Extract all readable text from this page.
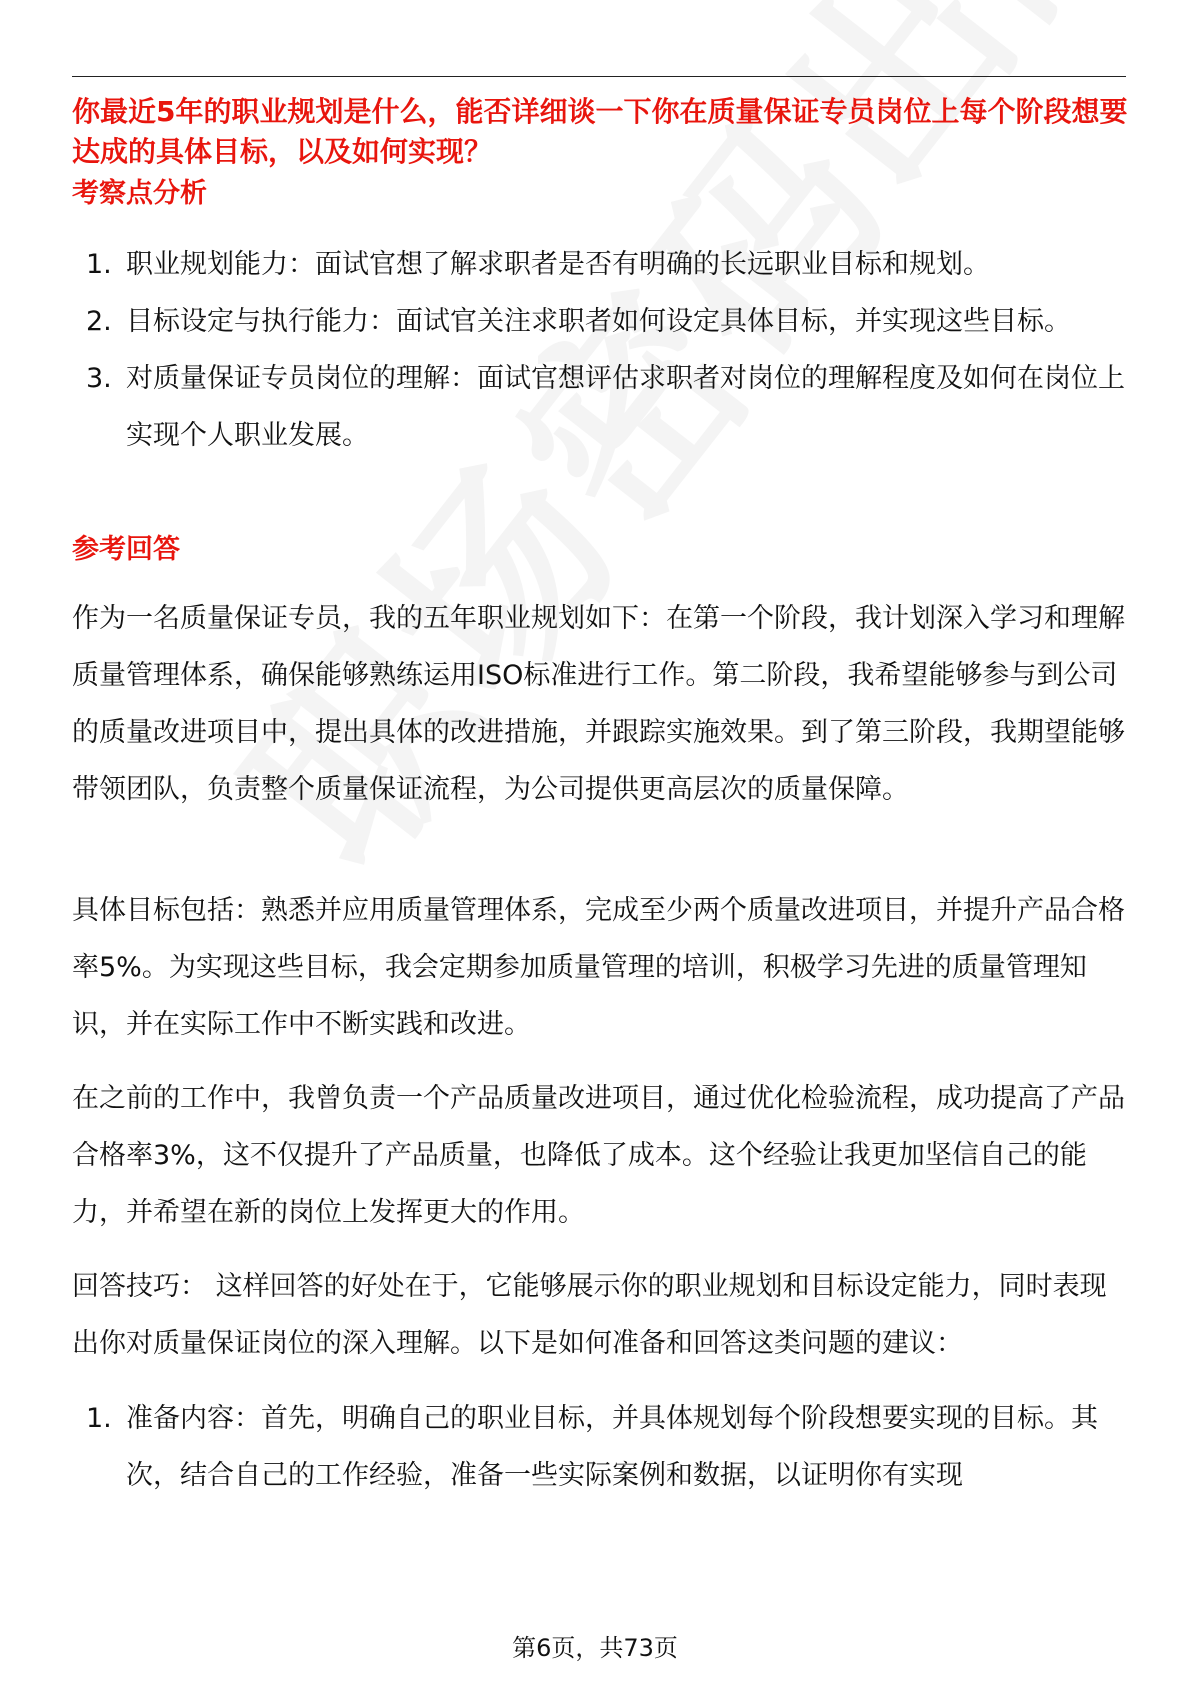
你最近5年的职业规划是什么，能否详细谈一下你在质量保证专员岗位上每个阶段想要达成的具体目标，以及如何实现？
考察点分析
1. 职业规划能力：面试官想了解求职者是否有明确的长远职业目标和规划。
2. 目标设定与执行能力：面试官关注求职者如何设定具体目标，并实现这些目标。
3. 对质量保证专员岗位的理解：面试官想评估求职者对岗位的理解程度及如何在岗位上实现个人职业发展。
参考回答

作为一名质量保证专员，我的五年职业规划如下：在第一个阶段，我计划深入学习和理解质量管理体系，确保能够熟练运用ISO标准进行工作。第二阶段，我希望能够参与到公司的质量改进项目中，提出具体的改进措施，并跟踪实施效果。到了第三阶段，我期望能够带领团队，负责整个质量保证流程，为公司提供更高层次的质量保障。

具体目标包括：熟悉并应用质量管理体系，完成至少两个质量改进项目，并提升产品合格率5%。为实现这些目标，我会定期参加质量管理的培训，积极学习先进的质量管理知识，并在实际工作中不断实践和改进。

在之前的工作中，我曾负责一个产品质量改进项目，通过优化检验流程，成功提高了产品合格率3%，这不仅提升了产品质量，也降低了成本。这个经验让我更加坚信自己的能力，并希望在新的岗位上发挥更大的作用。

回答技巧： 这样回答的好处在于，它能够展示你的职业规划和目标设定能力，同时表现出你对质量保证岗位的深入理解。以下是如何准备和回答这类问题的建议：

1. 准备内容：首先，明确自己的职业目标，并具体规划每个阶段想要实现的目标。其次，结合自己的工作经验，准备一些实际案例和数据，以证明你有实现
第6页，共73页
